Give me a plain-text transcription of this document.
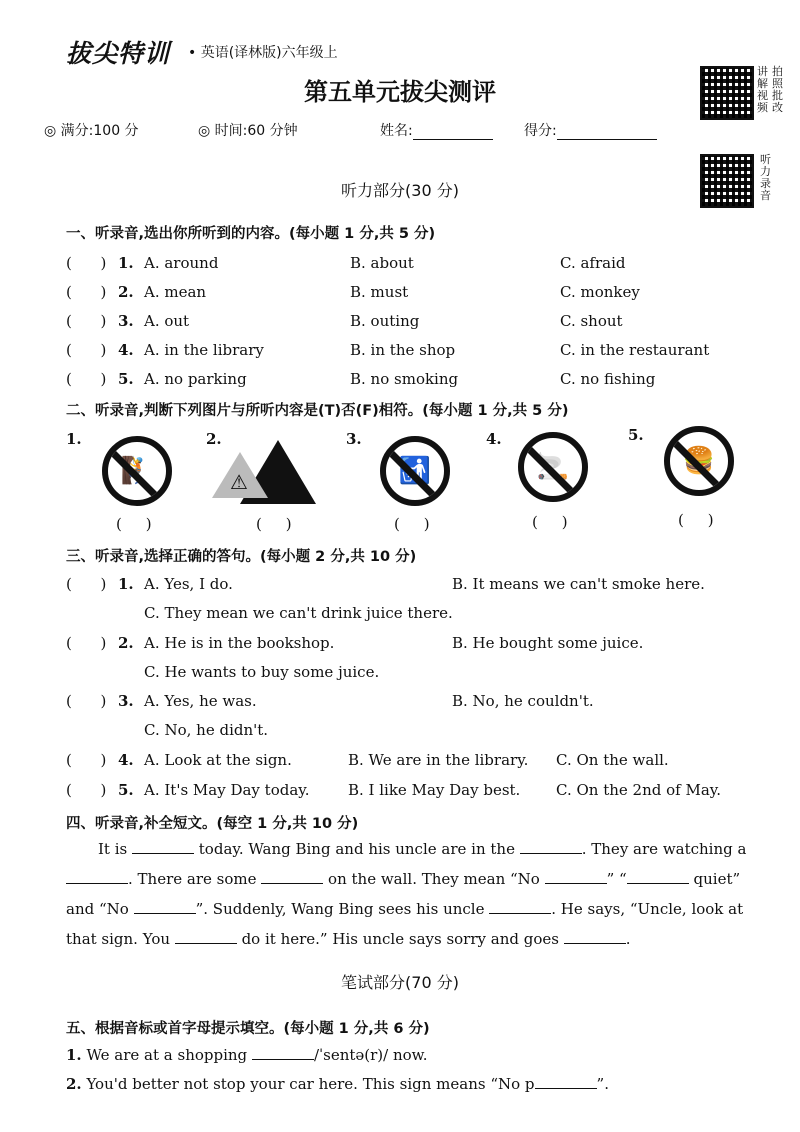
拔尖特训 • 英语(译林版)六年级上
第五单元拔尖测评
◎ 满分:100 分	◎ 时间:60 分钟	姓名:	得分:
讲解视频
拍照批改
听力录音
听力部分(30 分)
一、听录音,选出你所听到的内容。(每小题 1 分,共 5 分)
(      ) 1. A. around	B. about	C. afraid
(      ) 2. A. mean	B. must	C. monkey
(      ) 3. A. out	B. outing	C. shout
(      ) 4. A. in the library	B. in the shop	C. in the restaurant
(      ) 5. A. no parking	B. no smoking	C. no fishing
二、听录音,判断下列图片与所听内容是(T)否(F)相符。(每小题 1 分,共 5 分)
1.	2.	3.	4.	5.
🧗	⚠	🚮	🚬	🍔
(     )	(     )	(     )	(     )	(     )
三、听录音,选择正确的答句。(每小题 2 分,共 10 分)
(      ) 1. A. Yes, I do.	B. It means we can't smoke here.
C. They mean we can't drink juice there.
(      ) 2. A. He is in the bookshop.	B. He bought some juice.
C. He wants to buy some juice.
(      ) 3. A. Yes, he was.	B. No, he couldn't.
C. No, he didn't.
(      ) 4. A. Look at the sign.	B. We are in the library. C. On the wall.
(      ) 5. A. It's May Day today.	B. I like May Day best. C. On the 2nd of May.
四、听录音,补全短文。(每空 1 分,共 10 分)
It is	today. Wang Bing and his uncle are in the	. They are watching a
. There are some	on the wall. They mean “No	” “	quiet”
and “No	”. Suddenly, Wang Bing sees his uncle	. He says, “Uncle, look at
that sign. You	do it here.” His uncle says sorry and goes	.
笔试部分(70 分)
五、根据音标或首字母提示填空。(每小题 1 分,共 6 分)
1. We are at a shopping	/ˈsentə(r)/ now.
2. You'd better not stop your car here. This sign means “No p	”.
